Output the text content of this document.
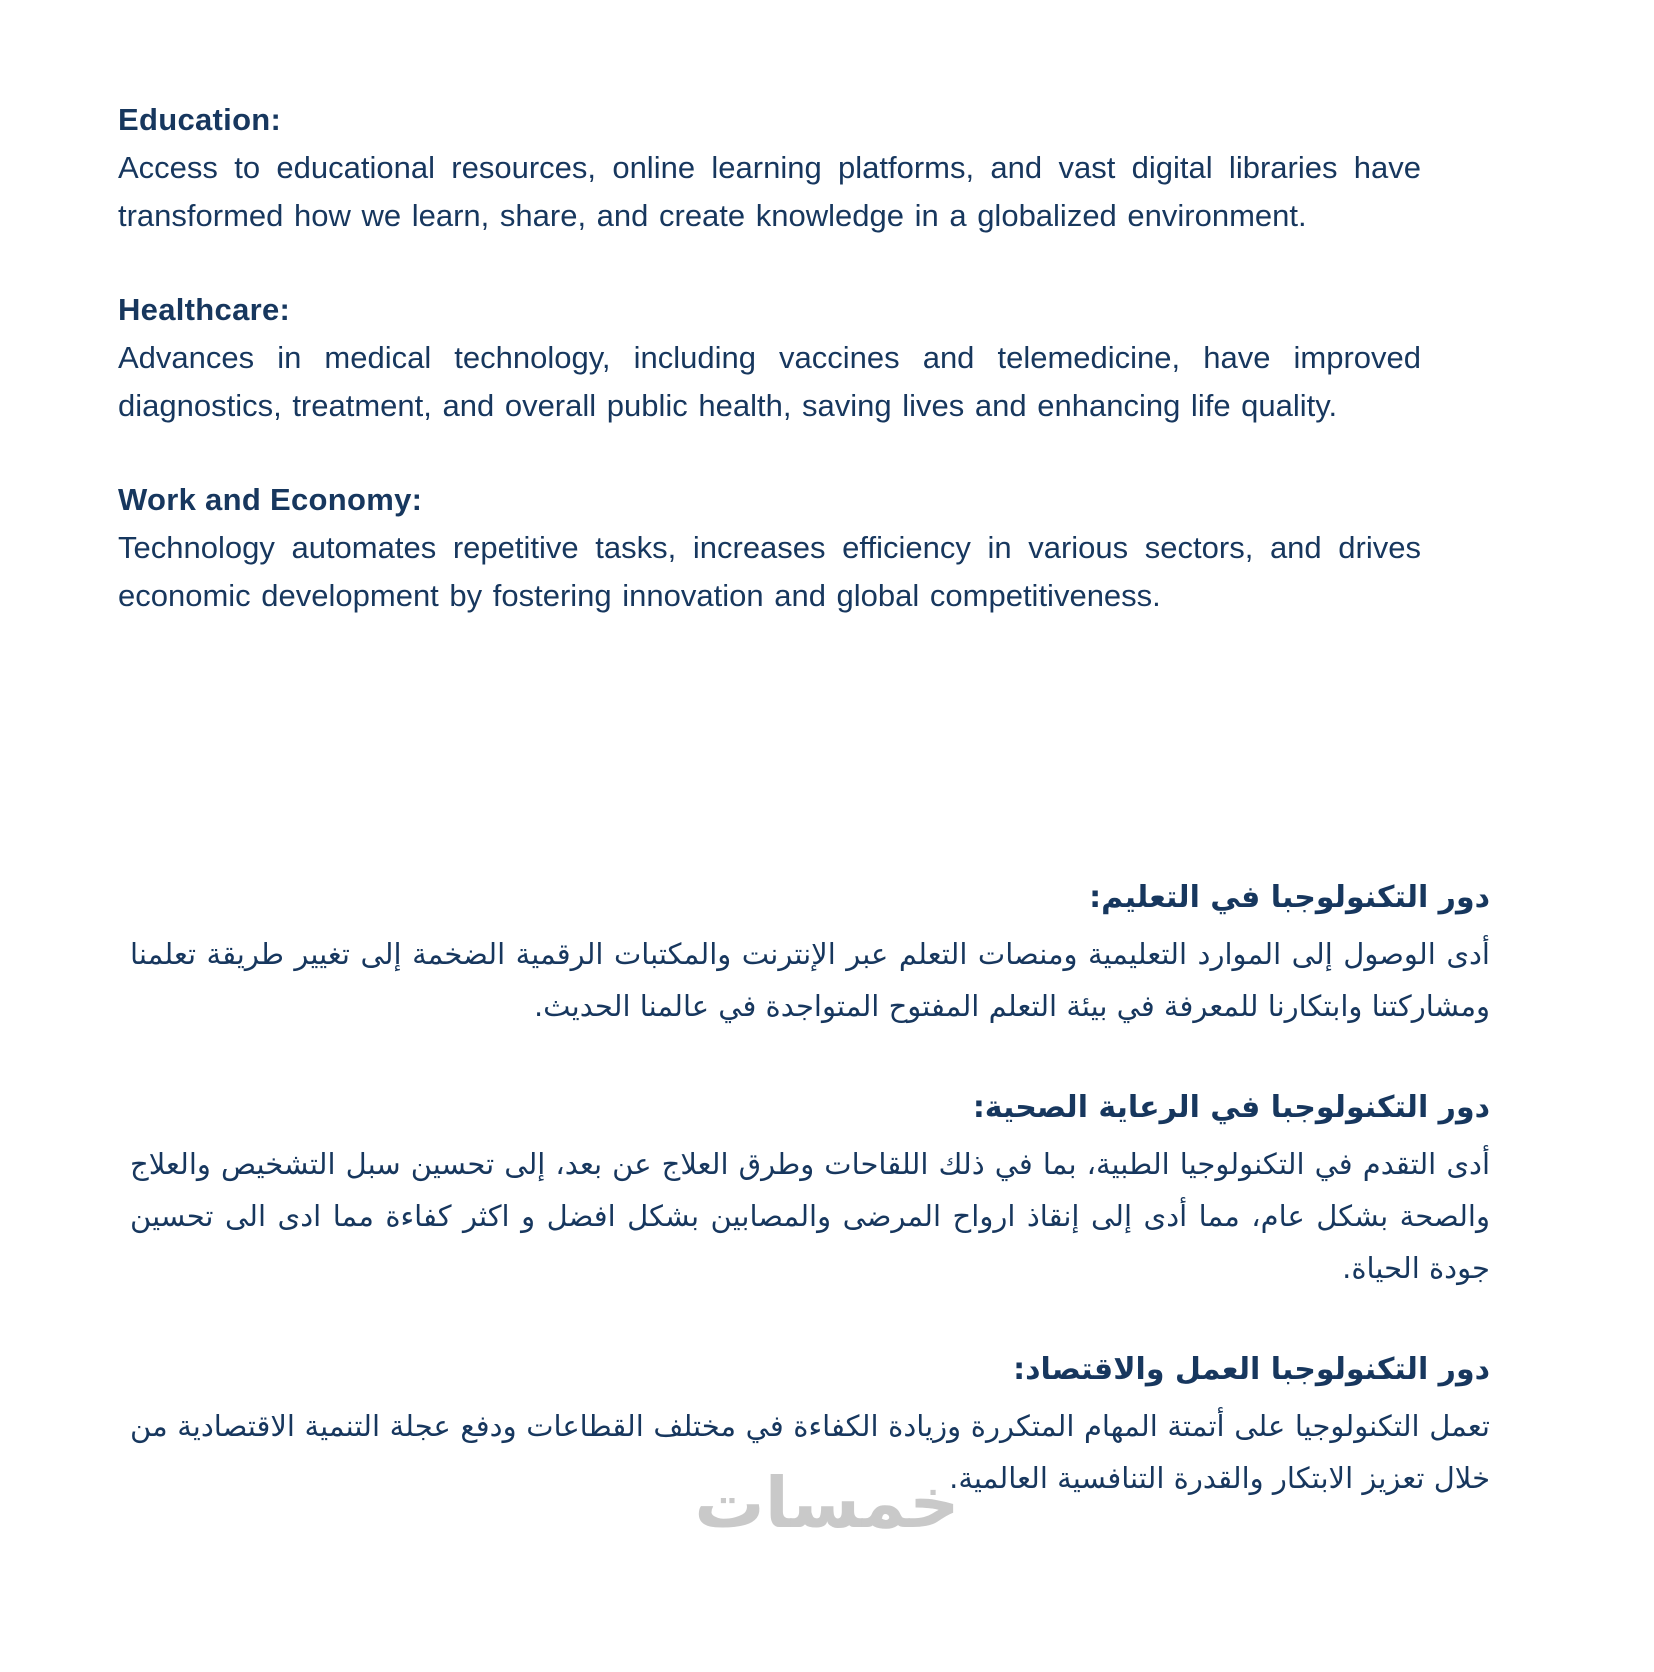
Education:

Access to educational resources, online learning platforms, and vast digital libraries have transformed how we learn, share, and create knowledge in a globalized environment.

Healthcare:

Advances in medical technology, including vaccines and telemedicine, have improved diagnostics, treatment, and overall public health, saving lives and enhancing life quality.

Work and Economy:

Technology automates repetitive tasks, increases efficiency in various sectors, and drives economic development by fostering innovation and global competitiveness.

دور التكنولوجبا في التعليم:

أدى الوصول إلى الموارد التعليمية ومنصات التعلم عبر الإنترنت والمكتبات الرقمية الضخمة إلى تغيير طريقة تعلمنا ومشاركتنا وابتكارنا للمعرفة في بيئة التعلم المفتوح المتواجدة في عالمنا الحديث.

دور التكنولوجبا في الرعاية الصحية:

أدى التقدم في التكنولوجيا الطبية، بما في ذلك اللقاحات وطرق العلاج عن بعد، إلى تحسين سبل التشخيص والعلاج والصحة بشكل عام، مما أدى إلى إنقاذ ارواح المرضى والمصابين بشكل افضل و اكثر كفاءة مما ادى الى تحسين جودة الحياة.

دور التكنولوجبا العمل والاقتصاد:

تعمل التكنولوجيا على أتمتة المهام المتكررة وزيادة الكفاءة في مختلف القطاعات ودفع عجلة التنمية الاقتصادية من خلال تعزيز الابتكار والقدرة التنافسية العالمية.

خمسات
